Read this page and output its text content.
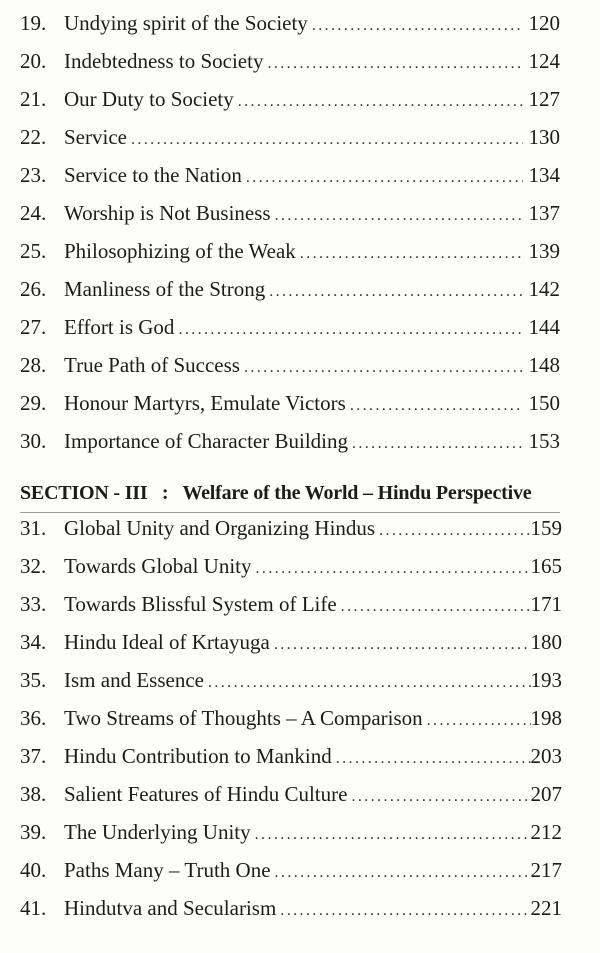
19. Undying spirit of the Society .....	120
20. Indebtedness to Society .....	124
21. Our Duty to Society .....	127
22. Service .....	130
23. Service to the Nation .....	134
24. Worship is Not Business .....	137
25. Philosophizing of the Weak .....	139
26. Manliness of the Strong .....	142
27. Effort is God .....	144
28. True Path of Success .....	148
29. Honour Martyrs, Emulate Victors .....	150
30. Importance of Character Building .....	153
SECTION - III : Welfare of the World – Hindu Perspective
31. Global Unity and Organizing Hindus .....	159
32. Towards Global Unity .....	165
33. Towards Blissful System of Life .....	171
34. Hindu Ideal of Krtayuga .....	180
35. Ism and Essence .....	193
36. Two Streams of Thoughts – A Comparison .....	198
37. Hindu Contribution to Mankind .....	203
38. Salient Features of Hindu Culture .....	207
39. The Underlying Unity .....	212
40. Paths Many – Truth One .....	217
41. Hindutva and Secularism .....	221
